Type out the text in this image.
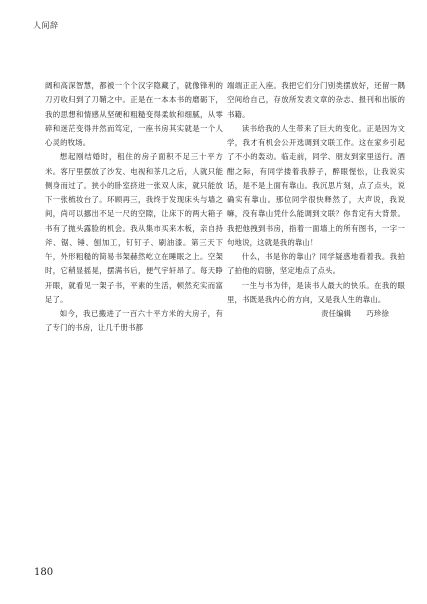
人间辞

阔和高深智慧，都被一个个汉字隐藏了，就像锋利的刀刃收归到了刀鞘之中。正是在一本本书的磨砺下，我的思想和情感从坚硬和粗糙变得柔软和细腻，从零碎和迷茫变得井然而笃定，一座书房其实就是一个人心灵的牧场。

想起刚结婚时，租住的房子面积不足三十平方米。客厅里摆放了沙发、电视和茶几之后，人就只能侧身而过了。狭小的卧室挤进一张双人床，就只能放下一张梳妆台了。环顾再三，我终于发现床头与墙之间，尚可以挪出不足一尺的空隙，让床下的两大箱子书有了抛头露脸的机会。我从集市买来木板，亲自持斧、锯、锤、刨加工，钉钉子、刷油漆。第三天下午，外形粗糙的简易书架赫然屹立在睡眠之上。空架时，它稍显摇晃，摆满书后，便气宇轩昂了。每天睁开眼，就看见一架子书，平素的生活，顿然充实而富足了。

如今，我已搬进了一百六十平方米的大房子，有了专门的书房，让几千册书都

端端正正入座。我把它们分门别类摆放好，还留一隅空间给自己，存放所发表文章的杂志、报刊和出版的书籍。

读书给我的人生带来了巨大的变化。正是因为文学，我才有机会公开选调到文联工作。这在家乡引起了不小的轰动。临走前，同学、朋友到家里送行。酒酣之际，有同学搂着我脖子，醉眼惺忪，让我说实话，是不是上面有靠山。我沉思片刻，点了点头，说确实有靠山。那位同学很快释然了，大声说，我说嘛，没有靠山凭什么能调到文联？你肯定有大背景。我把他拽到书房，指着一面墙上的所有图书，一字一句地说，这就是我的靠山！

什么，书是你的靠山？同学疑惑地看着我。我拍了拍他的肩膀，坚定地点了点头。

一生与书为伴，是读书人最大的快乐。在我的眼里，书既是我内心的方向，又是我人生的靠山。

责任编辑　　巧珍徐

180
